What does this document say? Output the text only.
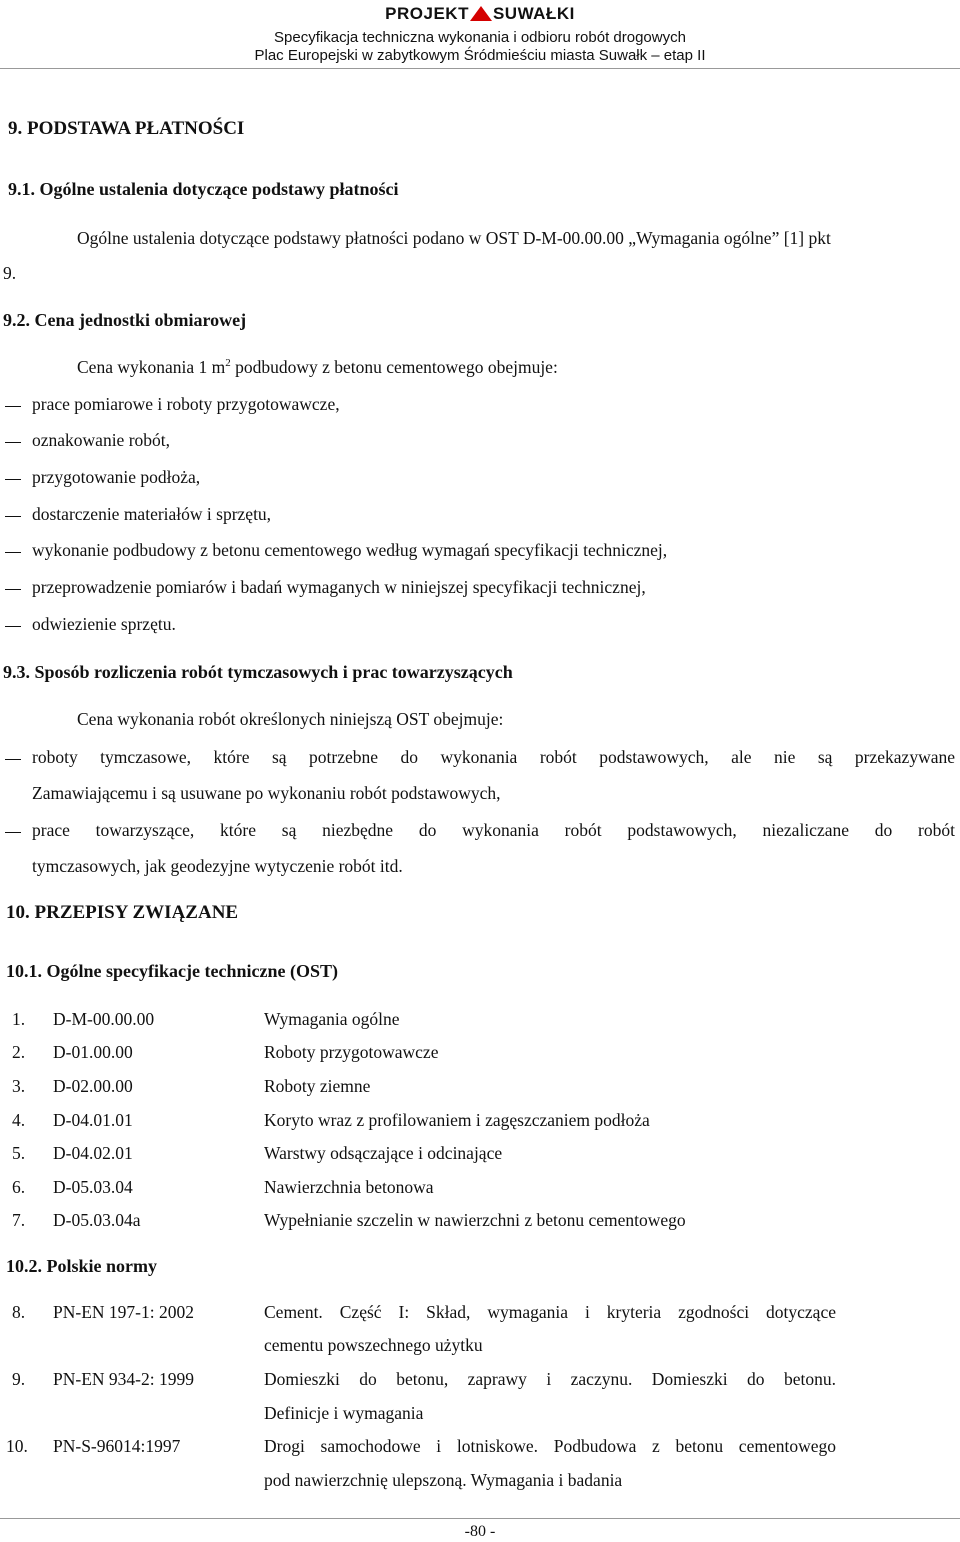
PROJEKT SUWAŁKI
Specyfikacja techniczna wykonania i odbioru robót drogowych
Plac Europejski w zabytkowym Śródmieściu miasta Suwałk – etap II
9. PODSTAWA PŁATNOŚCI
9.1. Ogólne ustalenia dotyczące podstawy płatności
Ogólne ustalenia dotyczące podstawy płatności podano w OST D-M-00.00.00 „Wymagania ogólne” [1] pkt
9.
9.2. Cena jednostki obmiarowej
Cena wykonania 1 $m^2$ podbudowy z betonu cementowego obejmuje:
prace pomiarowe i roboty przygotowawcze,
oznakowanie robót,
przygotowanie podłoża,
dostarczenie materiałów i sprzętu,
wykonanie podbudowy z betonu cementowego według wymagań specyfikacji technicznej,
przeprowadzenie pomiarów i badań wymaganych w niniejszej specyfikacji technicznej,
odwiezienie sprzętu.
9.3. Sposób rozliczenia robót tymczasowych i prac towarzyszących
Cena wykonania robót określonych niniejszą OST obejmuje:
roboty tymczasowe, które są potrzebne do wykonania robót podstawowych, ale nie są przekazywane
Zamawiającemu i są usuwane po wykonaniu robót podstawowych,
prace towarzyszące, które są niezbędne do wykonania robót podstawowych, niezaliczane do robót
tymczasowych, jak geodezyjne wytyczenie robót itd.
10. PRZEPISY ZWIĄZANE
10.1. Ogólne specyfikacje techniczne (OST)
1. D-M-00.00.00	Wymagania ogólne
2. D-01.00.00	Roboty przygotowawcze
3. D-02.00.00	Roboty ziemne
4. D-04.01.01	Koryto wraz z profilowaniem i zagęszczaniem podłoża
5. D-04.02.01	Warstwy odsączające i odcinające
6. D-05.03.04	Nawierzchnia betonowa
7. D-05.03.04a	Wypełnianie szczelin w nawierzchni z betonu cementowego
10.2. Polskie normy
8. PN-EN 197-1: 2002	Cement. Część I: Skład, wymagania i kryteria zgodności dotyczące
cementu powszechnego użytku
9. PN-EN 934-2: 1999	Domieszki do betonu, zaprawy i zaczynu. Domieszki do betonu.
Definicje i wymagania
10. PN-S-96014:1997	Drogi samochodowe i lotniskowe. Podbudowa z betonu cementowego
pod nawierzchnię ulepszoną. Wymagania i badania
-80 -
